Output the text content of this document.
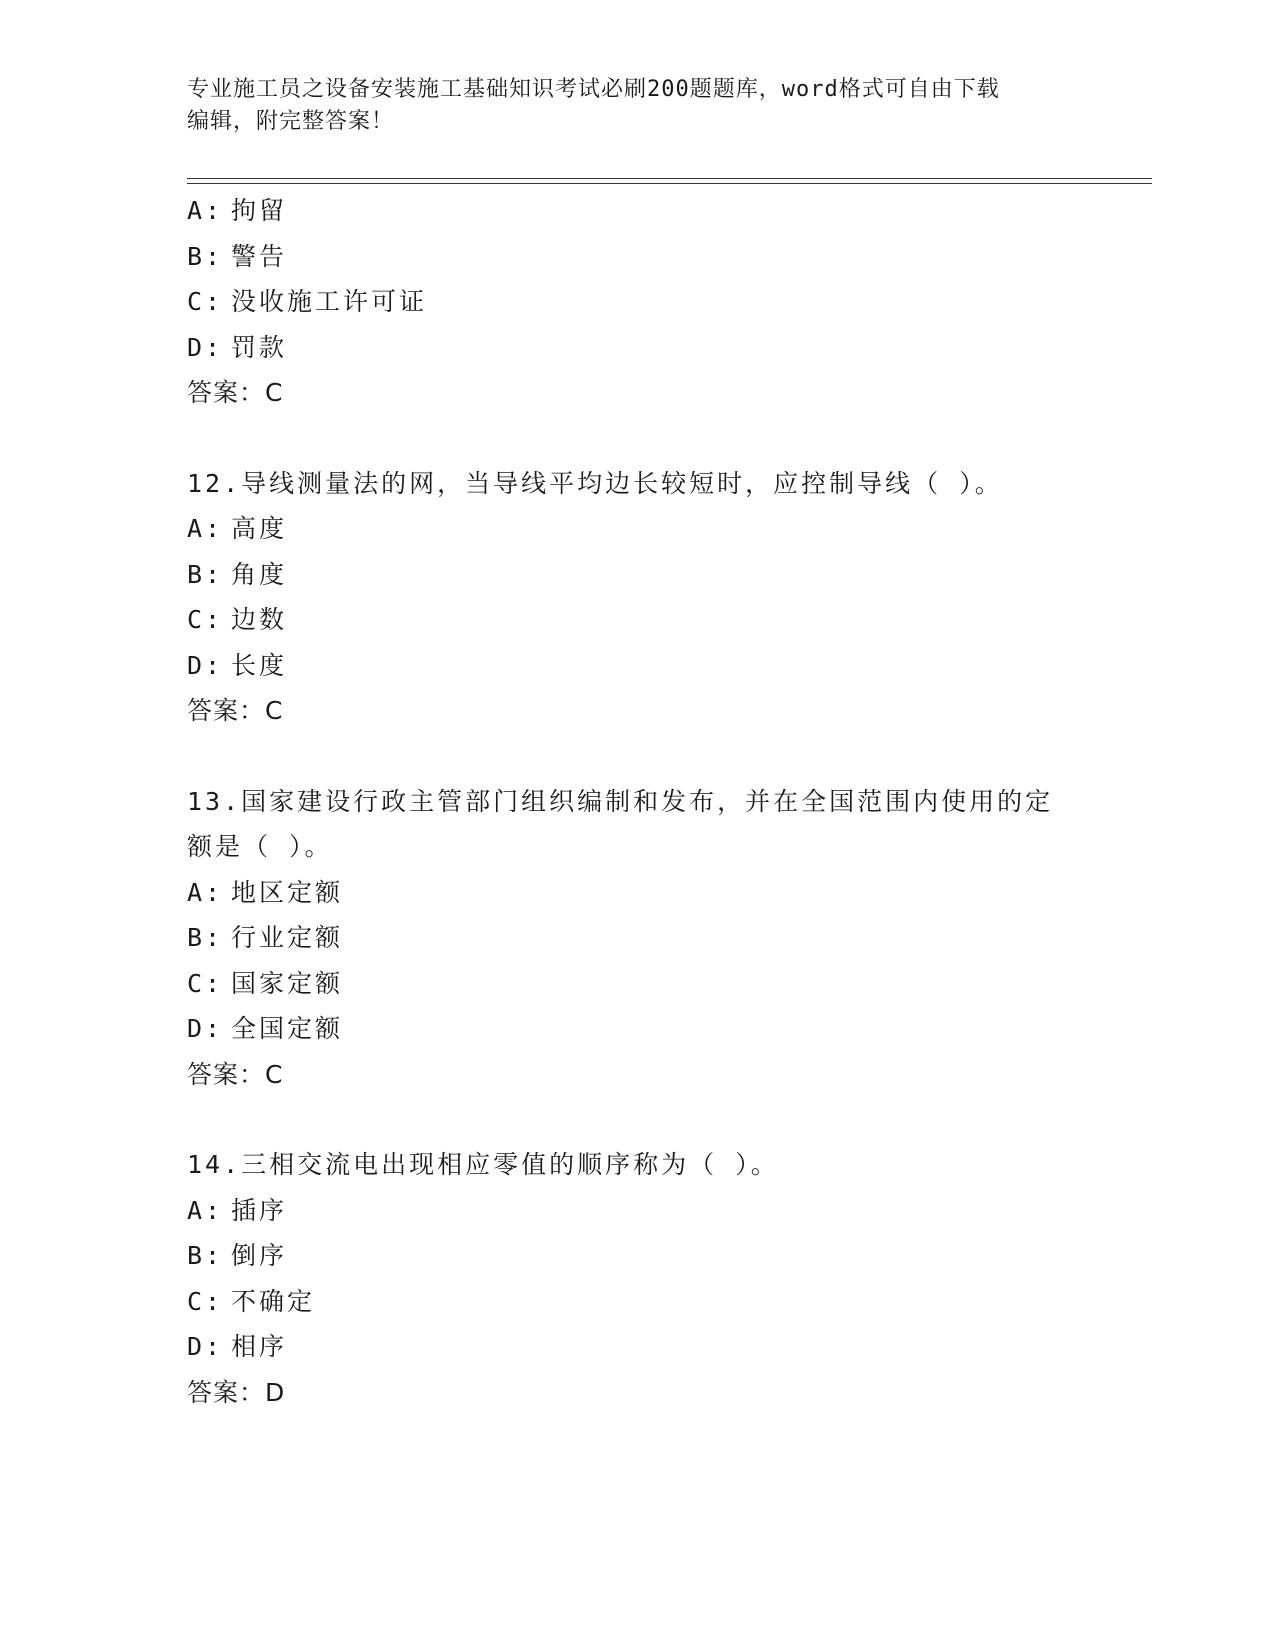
专业施工员之设备安装施工基础知识考试必刷200题题库，word格式可自由下载
编辑，附完整答案！
A: 拘留
B: 警告
C: 没收施工许可证
D: 罚款
答案：C
12.导线测量法的网，当导线平均边长较短时，应控制导线（ ）。
A: 高度
B: 角度
C: 边数
D: 长度
答案：C
13.国家建设行政主管部门组织编制和发布，并在全国范围内使用的定
额是（ ）。
A: 地区定额
B: 行业定额
C: 国家定额
D: 全国定额
答案：C
14.三相交流电出现相应零值的顺序称为（ ）。
A: 插序
B: 倒序
C: 不确定
D: 相序
答案：D
